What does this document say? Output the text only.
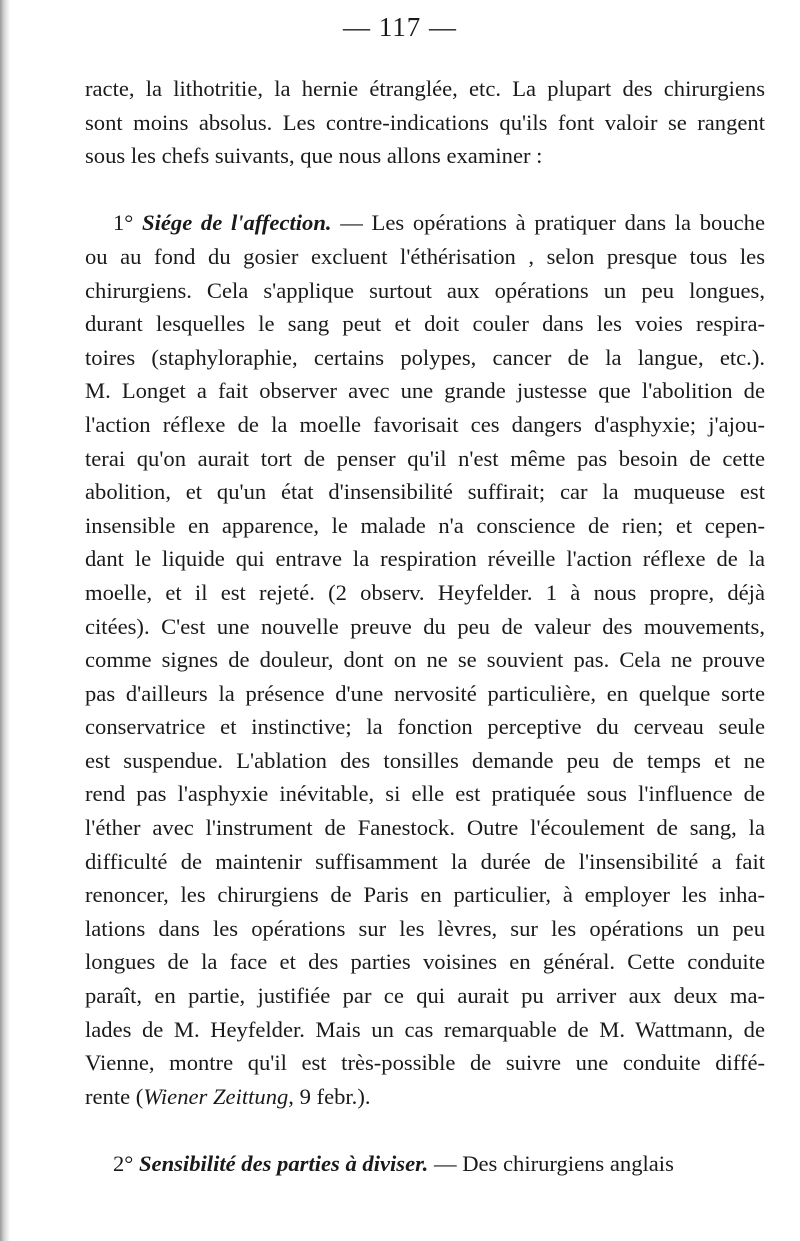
— 117 —
racte, la lithotritie, la hernie étranglée, etc. La plupart des chirurgiens
sont moins absolus. Les contre-indications qu'ils font valoir se rangent
sous les chefs suivants, que nous allons examiner :
1° Siége de l'affection. — Les opérations à pratiquer dans la bouche
ou au fond du gosier excluent l'éthérisation , selon presque tous les
chirurgiens. Cela s'applique surtout aux opérations un peu longues,
durant lesquelles le sang peut et doit couler dans les voies respira-
toires (staphyloraphie, certains polypes, cancer de la langue, etc.).
M. Longet a fait observer avec une grande justesse que l'abolition de
l'action réflexe de la moelle favorisait ces dangers d'asphyxie; j'ajou-
terai qu'on aurait tort de penser qu'il n'est même pas besoin de cette
abolition, et qu'un état d'insensibilité suffirait; car la muqueuse est
insensible en apparence, le malade n'a conscience de rien; et cepen-
dant le liquide qui entrave la respiration réveille l'action réflexe de la
moelle, et il est rejeté. (2 observ. Heyfelder. 1 à nous propre, déjà
citées). C'est une nouvelle preuve du peu de valeur des mouvements,
comme signes de douleur, dont on ne se souvient pas. Cela ne prouve
pas d'ailleurs la présence d'une nervosité particulière, en quelque sorte
conservatrice et instinctive; la fonction perceptive du cerveau seule
est suspendue. L'ablation des tonsilles demande peu de temps et ne
rend pas l'asphyxie inévitable, si elle est pratiquée sous l'influence de
l'éther avec l'instrument de Fanestock. Outre l'écoulement de sang, la
difficulté de maintenir suffisamment la durée de l'insensibilité a fait
renoncer, les chirurgiens de Paris en particulier, à employer les inha-
lations dans les opérations sur les lèvres, sur les opérations un peu
longues de la face et des parties voisines en général. Cette conduite
paraît, en partie, justifiée par ce qui aurait pu arriver aux deux ma-
lades de M. Heyfelder. Mais un cas remarquable de M. Wattmann, de
Vienne, montre qu'il est très-possible de suivre une conduite diffé-
rente (Wiener Zeittung, 9 febr.).
2° Sensibilité des parties à diviser. — Des chirurgiens anglais
